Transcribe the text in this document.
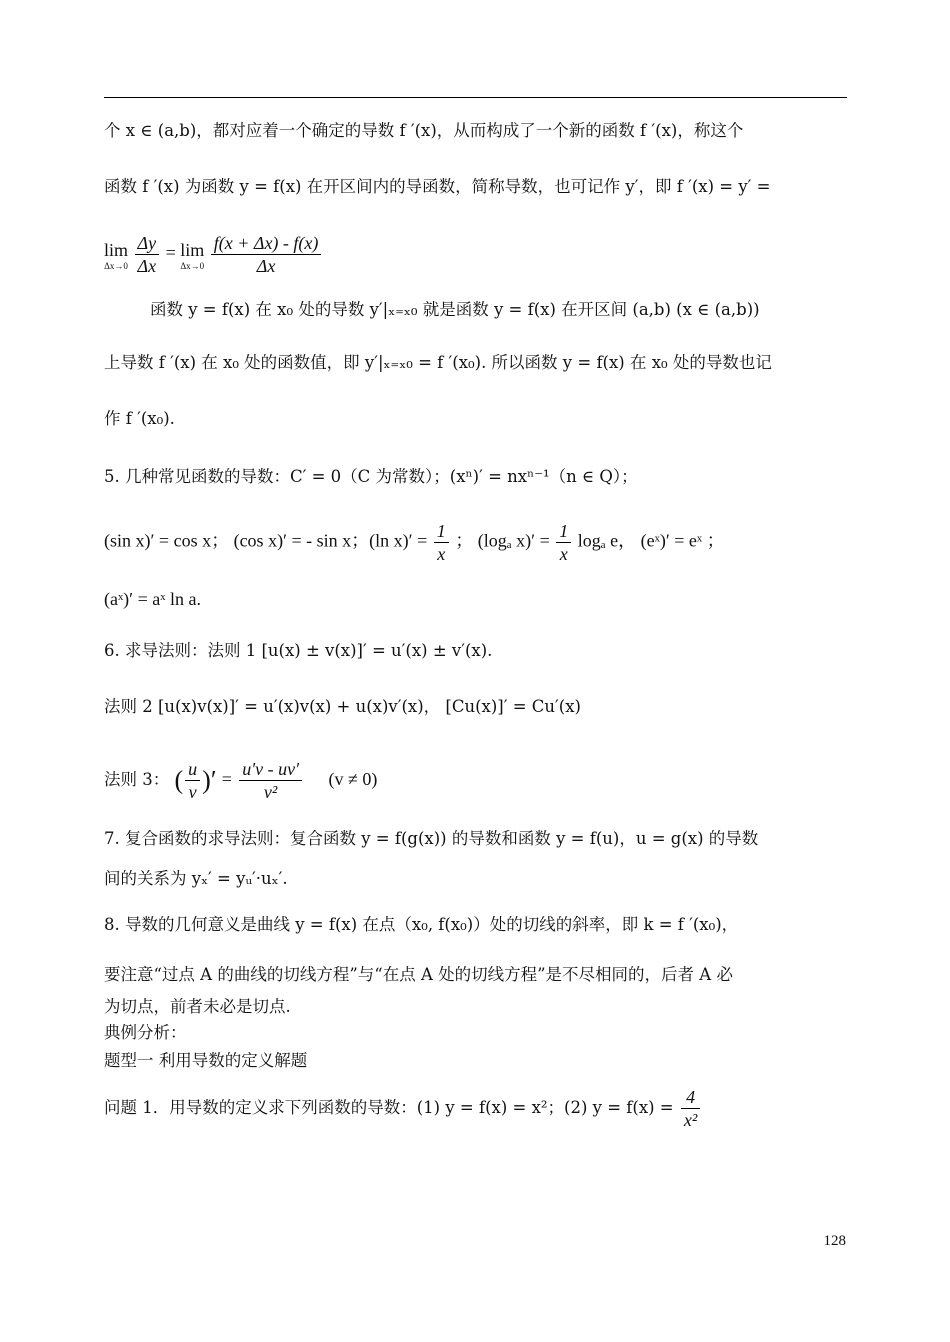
个 x ∈ (a,b)，都对应着一个确定的导数 f ′(x)，从而构成了一个新的函数 f ′(x)，称这个
函数 f ′(x) 为函数 y = f(x) 在开区间内的导函数，简称导数，也可记作 y′，即 f ′(x) = y′ =
lim
Δx→0
$\frac{\Delta y}{\Delta x} = \lim$
Δx→0
$\frac{f(x + \Delta x) - f(x)}{\Delta x}$
函数 y = f(x) 在 x₀ 处的导数 y′|ₓ₌ₓ₀ 就是函数 y = f(x) 在开区间 (a,b) (x ∈ (a,b))
上导数 f ′(x) 在 x₀ 处的函数值，即 y′|ₓ₌ₓ₀ = f ′(x₀). 所以函数 y = f(x) 在 x₀ 处的导数也记
作 f ′(x₀).
5. 几种常见函数的导数：C′ = 0（C 为常数）；(xⁿ)′ = nxⁿ⁻¹（n ∈ Q）；
(sin x)′ = cos x； (cos x)′ = - sin x；(ln $x)' = \frac{1}{x}$ ； (logₐ $x)' = \frac{1}{x}$ logₐ e， (eˣ)′ = eˣ ；
(aˣ)′ = aˣ ln a.
6. 求导法则：法则 1 [u(x) ± v(x)]′ = u′(x) ± v′(x).
法则 2 [u(x)v(x)]′ = u′(x)v(x) + u(x)v′(x)， [Cu(x)]′ = Cu′(x)
法则 3： ( $\frac{u}{v}$ )′ = $\frac{u'v - uv'}{\text{v²}} (v \ne 0)$
7. 复合函数的求导法则：复合函数 y = f(g(x)) 的导数和函数 y = f(u)，u = g(x) 的导数
间的关系为 yₓ′ = yᵤ′·uₓ′.
8. 导数的几何意义是曲线 y = f(x) 在点（x₀, f(x₀)）处的切线的斜率，即 k = f ′(x₀)，
要注意“过点 A 的曲线的切线方程”与“在点 A 处的切线方程”是不尽相同的，后者 A 必
为切点，前者未必是切点.
典例分析：
题型一 利用导数的定义解题
问题 1．用导数的定义求下列函数的导数：(1) y = f(x) = x²；(2) $y = f(x) = \frac{4}{\text{x²}}$
128
